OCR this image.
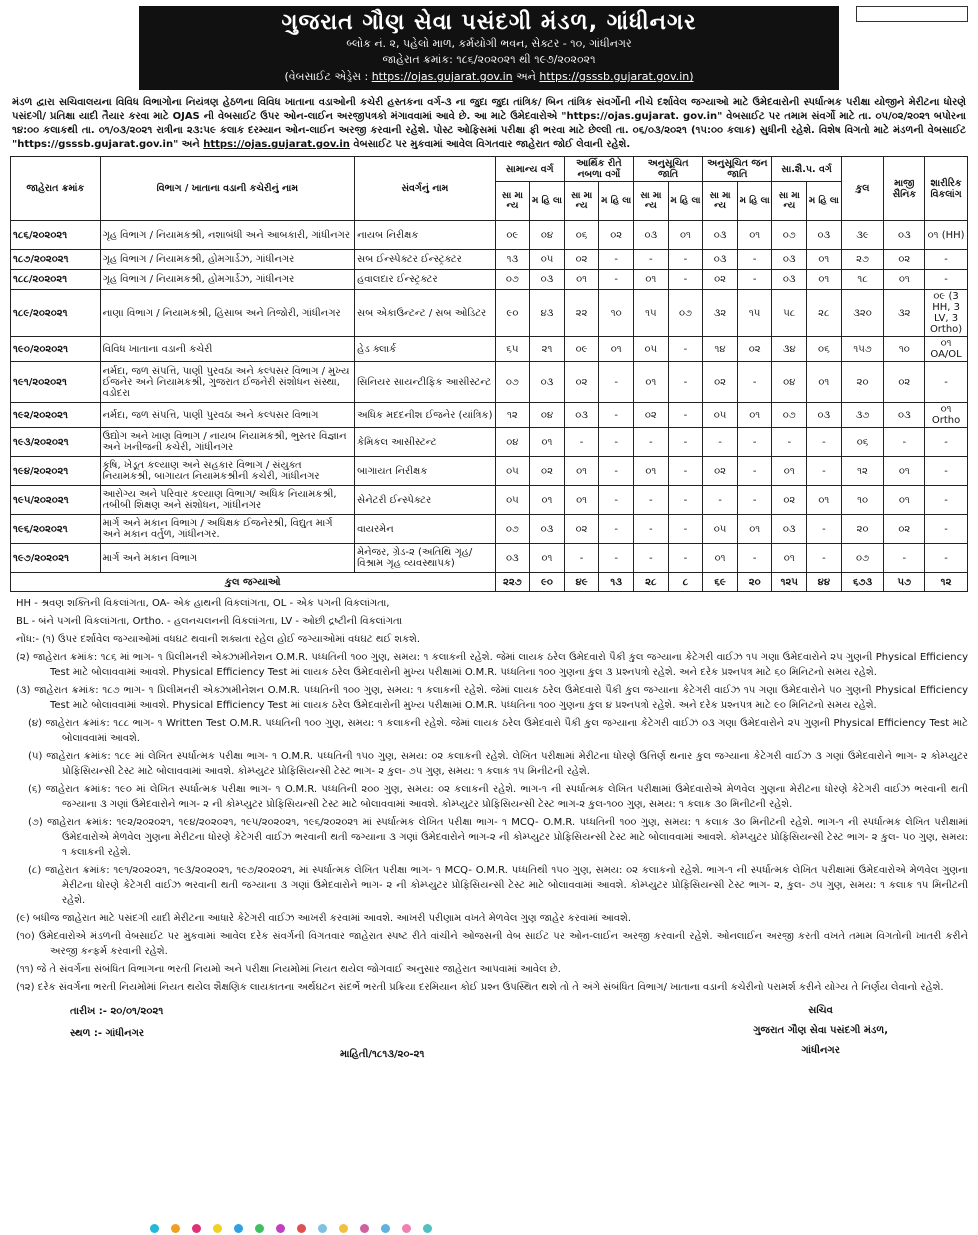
ગુજરાત ગૌણ સેવા પસંદગી મંડળ, ગાંધીનગર
બ્લોક નં. ૨, પહેલો માળ, કર્મયોગી ભવન, સેક્ટર - ૧૦, ગાંધીનગર
જાહેરાત ક્રમાંક: ૧૮૬/૨૦૨૦૨૧ થી ૧૯૭/૨૦૨૦૨૧
(વેબસાઈટ એડ્રેસ : https://ojas.gujarat.gov.in અને https://gsssb.gujarat.gov.in)
મંડળ દ્વારા સચિવાલયના વિવિધ વિભાગોના નિયંત્રણ હેઠળના વિવિધ ખાતાના વડાઓની કચેરી હસ્તકના વર્ગ-૩ ના જુદા જુદા તાંત્રિક/ બિન તાંત્રિક સંવર્ગોની નીચે દર્શાવેલ જગ્યાઓ માટે ઉમેદવારોની સ્પર્ધાત્મક પરીક્ષા યોજીને મેરીટના ધોરણે પસંદગી/ પ્રતિક્ષા યાદી તૈયાર કરવા માટે OJAS ની વેબસાઈટ ઉપર ઓન-લાઈન અરજીપત્રકો મંગાવવામાં આવે છે. આ માટે ઉમેદવારોએ "https://ojas.gujarat. gov.in" વેબસાઈટ પર તમામ સંવર્ગો માટે તા. ૦૫/૦૨/૨૦૨૧ બપોરના ૧૪:૦૦ કલાકથી તા. ૦૧/૦૩/૨૦૨૧ રાત્રીના ૨૩:૫૯ કલાક દરમ્યાન ઓન-લાઈન અરજી કરવાની રહેશે. પોસ્ટ ઓફિસમાં પરીક્ષા ફી ભરવા માટે છેલ્લી તા. ૦૬/૦૩/૨૦૨૧ (૧૫:૦૦ કલાક) સુધીની રહેશે. વિશેષ વિગતો માટે મંડળની વેબસાઈટ "https://gsssb.gujarat.gov.in" અને https://ojas.gujarat.gov.in વેબસાઈટ પર મુકવામાં આવેલ વિગતવાર જાહેરાત જોઈ લેવાની રહેશે.
જાહેરાત ક્રમાંક	વિભાગ / ખાતાના વડાની કચેરીનું નામ	સંવર્ગનું નામ	સામાન્ય વર્ગ		આર્થિક રીતે નબળા વર્ગો		અનુસૂચિત જાતિ		અનુસૂચિત જન જાતિ		સા.શૈ.પ. વર્ગ		કુલ	માજી સૈનિક	શારીરિક વિકલાંગ
			સા મા ન્ય	મ હિ લા	સા મા ન્ય	મ હિ લા	સા મા ન્ય	મ હિ લા	સા મા ન્ય	મ હિ લા	સા મા ન્ય	મ હિ લા			
૧૮૬/૨૦૨૦૨૧	ગૃહ વિભાગ / નિયામકશ્રી, નશાબંધી અને આબકારી, ગાંધીનગર	નાયબ નિરીક્ષક	૦૯	૦૪	૦૬	૦૨	૦૩	૦૧	૦૩	૦૧	૦૭	૦૩	૩૯	૦૩	૦૧ (HH)
૧૮૭/૨૦૨૦૨૧	ગૃહ વિભાગ / નિયામકશ્રી, હોમગાર્ડઝ, ગાંધીનગર	સબ ઈન્સ્પેક્ટર ઈન્સ્ટ્રક્ટર	૧૩	૦૫	૦૨	-	-	-	૦૩	-	૦૩	૦૧	૨૭	૦૨	-
૧૮૮/૨૦૨૦૨૧	ગૃહ વિભાગ / નિયામકશ્રી, હોમગાર્ડઝ, ગાંધીનગર	હવાલદાર ઈન્સ્ટ્રક્ટર	૦૭	૦૩	૦૧	-	૦૧	-	૦૨	-	૦૩	૦૧	૧૮	૦૧	-
૧૮૯/૨૦૨૦૨૧	નાણા વિભાગ / નિયામકશ્રી, હિસાબ અને તિજોરી, ગાંધીનગર	સબ એકાઉન્ટન્ટ / સબ ઓડિટર	૯૦	૪૩	૨૨	૧૦	૧૫	૦૭	૩૨	૧૫	૫૮	૨૮	૩૨૦	૩૨	૦૯ (3 HH, 3 LV, 3 Ortho)
૧૯૦/૨૦૨૦૨૧	વિવિધ ખાતાના વડાની કચેરી	હેડ ક્લાર્ક	૬૫	૨૧	૦૯	૦૧	૦૫	-	૧૪	૦૨	૩૪	૦૬	૧૫૭	૧૦	૦૧ OA/OL
૧૯૧/૨૦૨૦૨૧	નર્મદા, જળ સંપત્તિ, પાણી પુરવઠા અને કલ્પસર વિભાગ / મુખ્ય ઈજનેર અને નિયામકશ્રી, ગુજરાત ઈજનેરી સંશોધન સંસ્થા, વડોદરા	સિનિયર સાયન્ટીફિક આસીસ્ટન્ટ	૦૭	૦૩	૦૨	-	૦૧	-	૦૨	-	૦૪	૦૧	૨૦	૦૨	-
૧૯૨/૨૦૨૦૨૧	નર્મદા, જળ સંપત્તિ, પાણી પુરવઠા અને કલ્પસર વિભાગ	અધિક મદદનીશ ઈજનેર (યાંત્રિક)	૧૨	૦૪	૦૩	-	૦૨	-	૦૫	૦૧	૦૭	૦૩	૩૭	૦૩	૦૧ Ortho
૧૯૩/૨૦૨૦૨૧	ઉદ્યોગ અને ખાણ વિભાગ / નાયબ નિયામકશ્રી, ભુસ્તર વિજ્ઞાન અને ખનીજની કચેરી, ગાંધીનગર	કેમિકલ આસીસ્ટન્ટ	૦૪	૦૧	-	-	-	-	-	-	-	-	૦૬	-	-
૧૯૪/૨૦૨૦૨૧	કૃષિ, ખેડૂત કલ્યાણ અને સહકાર વિભાગ / સંયુક્ત નિયામકશ્રી, બાગાયત નિયામકશ્રીની કચેરી, ગાંધીનગર	બાગાયત નિરીક્ષક	૦૫	૦૨	૦૧	-	૦૧	-	૦૨	-	૦૧	-	૧૨	૦૧	-
૧૯૫/૨૦૨૦૨૧	આરોગ્ય અને પરિવાર કલ્યાણ વિભાગ/ અધિક નિયામકશ્રી, તબીબી શિક્ષણ અને સંશોધન, ગાંધીનગર	સેનેટરી ઈન્સ્પેક્ટર	૦૫	૦૧	૦૧	-	-	-	-	-	૦૨	૦૧	૧૦	૦૧	-
૧૯૬/૨૦૨૦૨૧	માર્ગ અને મકાન વિભાગ / અધિક્ષક ઈજનેરશ્રી, વિદ્યુત માર્ગ અને મકાન વર્તુળ, ગાંધીનગર.	વાયરમેન	૦૭	૦૩	૦૨	-	-	-	૦૫	૦૧	૦૩	-	૨૦	૦૨	-
૧૯૭/૨૦૨૦૨૧	માર્ગ અને મકાન વિભાગ	મેનેજર, ગ્રેડ-૨ (અતિથિ ગૃહ/ વિશ્રામ ગૃહ વ્યવસ્થાપક)	૦૩	૦૧	-	-	-	-	૦૧	-	૦૧	-	૦૭	-	-
કુલ જગ્યાઓ			૨૨૭	૯૦	૪૯	૧૩	૨૮	૮	૬૯	૨૦	૧૨૫	૪૪	૬૭૩	૫૭	૧૨
HH - શ્રવણ શક્તિની વિકલાંગતા, OA- એક હાથની વિકલાંગતા, OL - એક પગની વિકલાંગતા,
BL - બંને પગની વિકલાંગતા, Ortho. - હલનચલનની વિકલાંગતા, LV - ઓછી દ્રષ્ટીની વિકલાંગતા
નોંધ:- (૧) ઉપર દર્શાવેલ જગ્યાઓમાં વધઘટ થવાની શક્યતા રહેલ હોઈ જગ્યાઓમાં વધઘટ થઈ શકશે.
(૨) જાહેરાત ક્રમાંક: ૧૮૬ માં ભાગ- ૧ પ્રિલીમનરી એક્ઝામીનેશન O.M.R. પધ્ધતિની ૧૦૦ ગુણ, સમય: ૧ કલાકની રહેશે. જેમાં લાયક ઠરેલ ઉમેદવારો પૈકી કુલ જગ્યાના કેટેગરી વાઈઝ ૧૫ ગણા ઉમેદવારોને ૨૫ ગુણની Physical Efficiency Test માટે બોલાવવામાં આવશે. Physical Efficiency Test માં લાયક ઠરેલ ઉમેદવારોની મુખ્ય પરીક્ષામાં O.M.R. પધ્ધતિના ૧૦૦ ગુણના કુલ ૩ પ્રશ્નપત્રો રહેશે. અને દરેક પ્રશ્નપત્ર માટે ૬૦ મિનિટનો સમય રહેશે.
(૩) જાહેરાત ક્રમાંક: ૧૮૭ ભાગ- ૧ પ્રિલીમનરી એક્ઝામીનેશન O.M.R. પધ્ધતિની ૧૦૦ ગુણ, સમય: ૧ કલાકની રહેશે. જેમાં લાયક ઠરેલ ઉમેદવારો પૈકી કુલ જગ્યાના કેટેગરી વાઈઝ ૧૫ ગણા ઉમેદવારોને ૫૦ ગુણની Physical Efficiency Test માટે બોલાવવામાં આવશે. Physical Efficiency Test માં લાયક ઠરેલ ઉમેદવારોની મુખ્ય પરીક્ષામાં O.M.R. પધ્ધતિના ૧૦૦ ગુણના કુલ ૪ પ્રશ્નપત્રો રહેશે. અને દરેક પ્રશ્નપત્ર માટે ૯૦ મિનિટનો સમય રહેશે.
(૪) જાહેરાત ક્રમાંક: ૧૮૮ ભાગ- ૧ Written Test O.M.R. પધ્ધતિની ૧૦૦ ગુણ, સમય: ૧ કલાકની રહેશે. જેમાં લાયક ઠરેલ ઉમેદવારો પૈકી કુલ જગ્યાના કેટેગરી વાઈઝ ૦૩ ગણા ઉમેદવારોને ૨૫ ગુણની Physical Efficiency Test માટે બોલાવવામાં આવશે.
(૫) જાહેરાત ક્રમાંક: ૧૮૯ માં લેખિત સ્પર્ધાત્મક પરીક્ષા ભાગ- ૧ O.M.R. પધ્ધતિની ૧૫૦ ગુણ, સમય: ૦૨ કલાકની રહેશે. લેખિત પરીક્ષામાં મેરીટના ધોરણે ઉત્તિર્ણ થનાર કુલ જગ્યાના કેટેગરી વાઈઝ ૩ ગણાં ઉમેદવારોને ભાગ- ૨ કોમ્પ્યુટર પ્રોફિસિયન્સી ટેસ્ટ માટે બોલાવવામાં આવશે. કોમ્પ્યુટર પ્રોફિસિયન્સી ટેસ્ટ ભાગ- ૨ કુલ- ૭૫ ગુણ, સમય: ૧ કલાક ૧૫ મિનીટની રહેશે.
(૬) જાહેરાત ક્રમાંક: ૧૯૦ માં લેખિત સ્પર્ધાત્મક પરીક્ષા ભાગ- ૧ O.M.R. પધ્ધતિની ૨૦૦ ગુણ, સમય: ૦૨ કલાકની રહેશે. ભાગ-૧ ની સ્પર્ધાત્મક લેખિત પરીક્ષામાં ઉમેદવારોએ મેળવેલ ગુણના મેરીટના ધોરણે કેટેગરી વાઈઝ ભરવાની થતી જગ્યાના ૩ ગણાં ઉમેદવારોને ભાગ- ૨ ની કોમ્પ્યુટર પ્રોફિસિયન્સી ટેસ્ટ માટે બોલાવવામાં આવશે. કોમ્પ્યુટર પ્રોફિસિયન્સી ટેસ્ટ ભાગ-૨ કુલ-૧૦૦ ગુણ, સમય: ૧ કલાક ૩૦ મિનીટની રહેશે.
(૭) જાહેરાત ક્રમાંક: ૧૯૨/૨૦૨૦૨૧, ૧૯૪/૨૦૨૦૨૧, ૧૯૫/૨૦૨૦૨૧, ૧૯૬/૨૦૨૦૨૧ માં સ્પર્ધાત્મક લેખિત પરીક્ષા ભાગ- ૧ MCQ- O.M.R. પધ્ધતિની ૧૦૦ ગુણ, સમય: ૧ કલાક ૩૦ મિનીટની રહેશે. ભાગ-૧ ની સ્પર્ધાત્મક લેખિત પરીક્ષામાં ઉમેદવારોએ મેળવેલ ગુણના મેરીટના ધોરણે કેટેગરી વાઈઝ ભરવાની થતી જગ્યાના ૩ ગણાં ઉમેદવારોને ભાગ-૨ ની કોમ્પ્યુટર પ્રોફિસિયન્સી ટેસ્ટ માટે બોલાવવામાં આવશે. કોમ્પ્યુટર પ્રોફિસિયન્સી ટેસ્ટ ભાગ- ૨ કુલ- ૫૦ ગુણ, સમય: ૧ કલાકની રહેશે.
(૮) જાહેરાત ક્રમાંક: ૧૯૧/૨૦૨૦૨૧, ૧૯૩/૨૦૨૦૨૧, ૧૯૭/૨૦૨૦૨૧, માં સ્પર્ધાત્મક લેખિત પરીક્ષા ભાગ- ૧ MCQ- O.M.R. પધ્ધતિથી ૧૫૦ ગુણ, સમય: ૦૨ કલાકનો રહેશે. ભાગ-૧ ની સ્પર્ધાત્મક લેખિત પરીક્ષામાં ઉમેદવારોએ મેળવેલ ગુણના મેરીટના ધોરણે કેટેગરી વાઈઝ ભરવાની થતી જગ્યાના ૩ ગણાં ઉમેદવારોને ભાગ- ૨ ની કોમ્પ્યુટર પ્રોફિસિયન્સી ટેસ્ટ માટે બોલાવવામાં આવશે. કોમ્પ્યુટર પ્રોફિસિયન્સી ટેસ્ટ ભાગ- ૨, કુલ- ૭૫ ગુણ, સમય: ૧ કલાક ૧૫ મિનીટની રહેશે.
(૯) બધીજ જાહેરાત માટે પસંદગી યાદી મેરીટના આધારે કેટેગરી વાઈઝ આખરી કરવામાં આવશે. આખરી પરીણામ વખતે મેળવેલ ગુણ જાહેર કરવામાં આવશે.
(૧૦) ઉમેદવારોએ મંડળની વેબસાઈટ પર મુકવામાં આવેલ દરેક સંવર્ગની વિગતવાર જાહેરાત સ્પષ્ટ રીતે વાંચીને ઓજસની વેબ સાઈટ પર ઓન-લાઈન અરજી કરવાની રહેશે. ઓનલાઈન અરજી કરતી વખતે તમામ વિગતોની ખાતરી કરીને અરજી કન્ફર્મ કરવાની રહેશે.
(૧૧) જે તે સંવર્ગના સંબંધિત વિભાગના ભરતી નિયમો અને પરીક્ષા નિયમોમાં નિયત થયેલ જોગવાઈ અનુસાર જાહેરાત આપવામાં આવેલ છે.
(૧૨) દરેક સંવર્ગના ભરતી નિયમોમાં નિયત થયેલ શૈક્ષણિક લાયકાતના અર્થઘટન સંદર્ભે ભરતી પ્રક્રિયા દરમિયાન કોઈ પ્રશ્ન ઉપસ્થિત થશે તો તે અંગે સંબંધિત વિભાગ/ ખાતાના વડાની કચેરીનો પરામર્શ કરીને યોગ્ય તે નિર્ણય લેવાનો રહેશે.
તારીખ :- ૨૦/૦૧/૨૦૨૧
સ્થળ :- ગાંધીનગર
માહિતી/૧૮૧૩/૨૦-૨૧
સચિવ
ગુજરાત ગૌણ સેવા પસંદગી મંડળ,
ગાંધીનગર
